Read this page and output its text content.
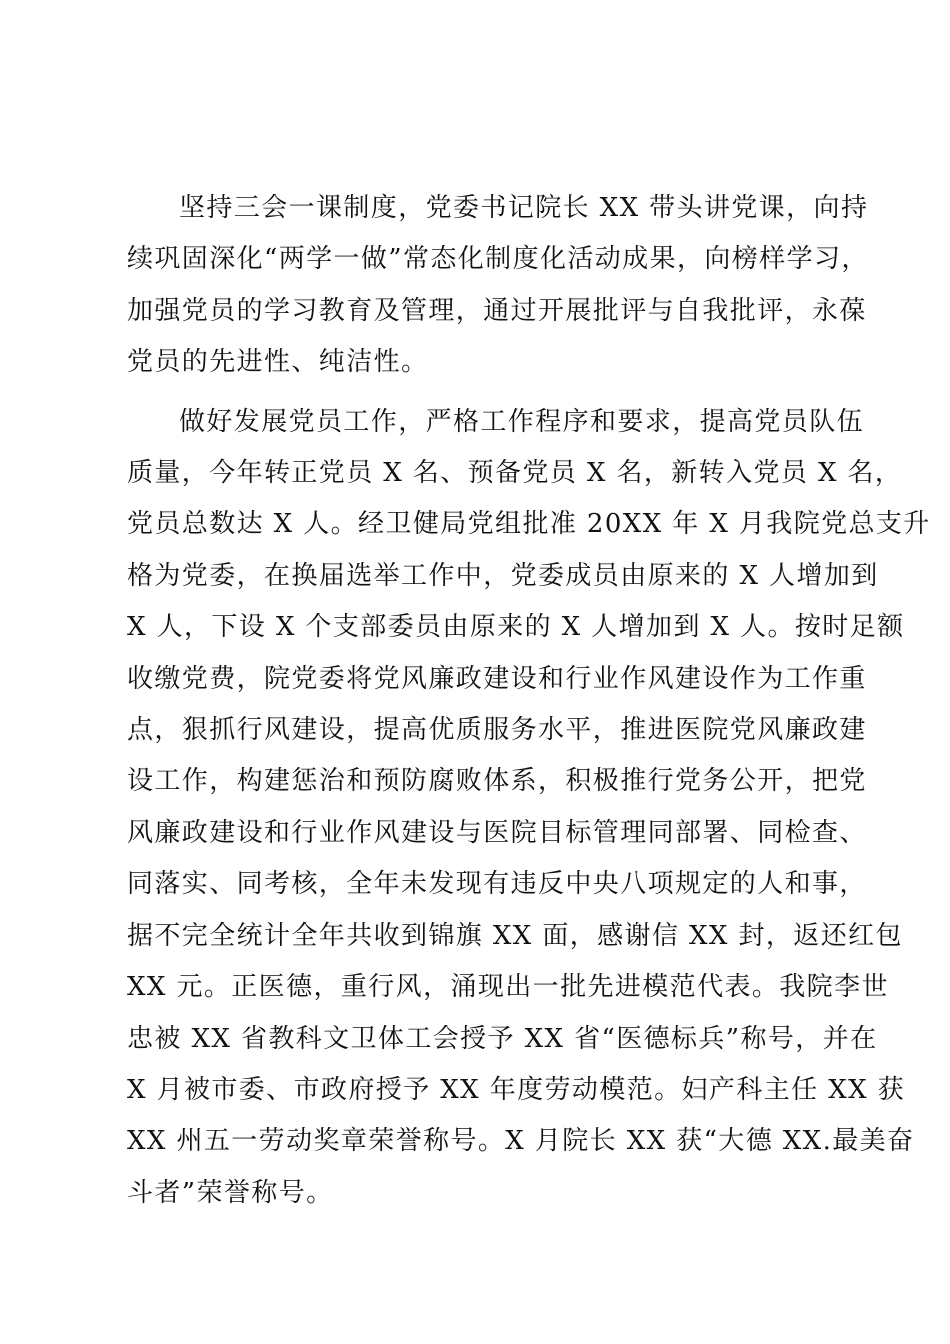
坚持三会一课制度，党委书记院长 XX 带头讲党课，向持
续巩固深化“两学一做”常态化制度化活动成果，向榜样学习，
加强党员的学习教育及管理，通过开展批评与自我批评，永葆
党员的先进性、纯洁性。

做好发展党员工作，严格工作程序和要求，提高党员队伍
质量，今年转正党员 X 名、预备党员 X 名，新转入党员 X 名，
党员总数达 X 人。经卫健局党组批准 20XX 年 X 月我院党总支升
格为党委，在换届选举工作中，党委成员由原来的 X 人增加到
X 人，下设 X 个支部委员由原来的 X 人增加到 X 人。按时足额
收缴党费，院党委将党风廉政建设和行业作风建设作为工作重
点，狠抓行风建设，提高优质服务水平，推进医院党风廉政建
设工作，构建惩治和预防腐败体系，积极推行党务公开，把党
风廉政建设和行业作风建设与医院目标管理同部署、同检查、
同落实、同考核，全年未发现有违反中央八项规定的人和事，
据不完全统计全年共收到锦旗 XX 面，感谢信 XX 封，返还红包
XX 元。正医德，重行风，涌现出一批先进模范代表。我院李世
忠被 XX 省教科文卫体工会授予 XX 省“医德标兵”称号，并在
X 月被市委、市政府授予 XX 年度劳动模范。妇产科主任 XX 获
XX 州五一劳动奖章荣誉称号。X 月院长 XX 获“大德 XX.最美奋
斗者”荣誉称号。
